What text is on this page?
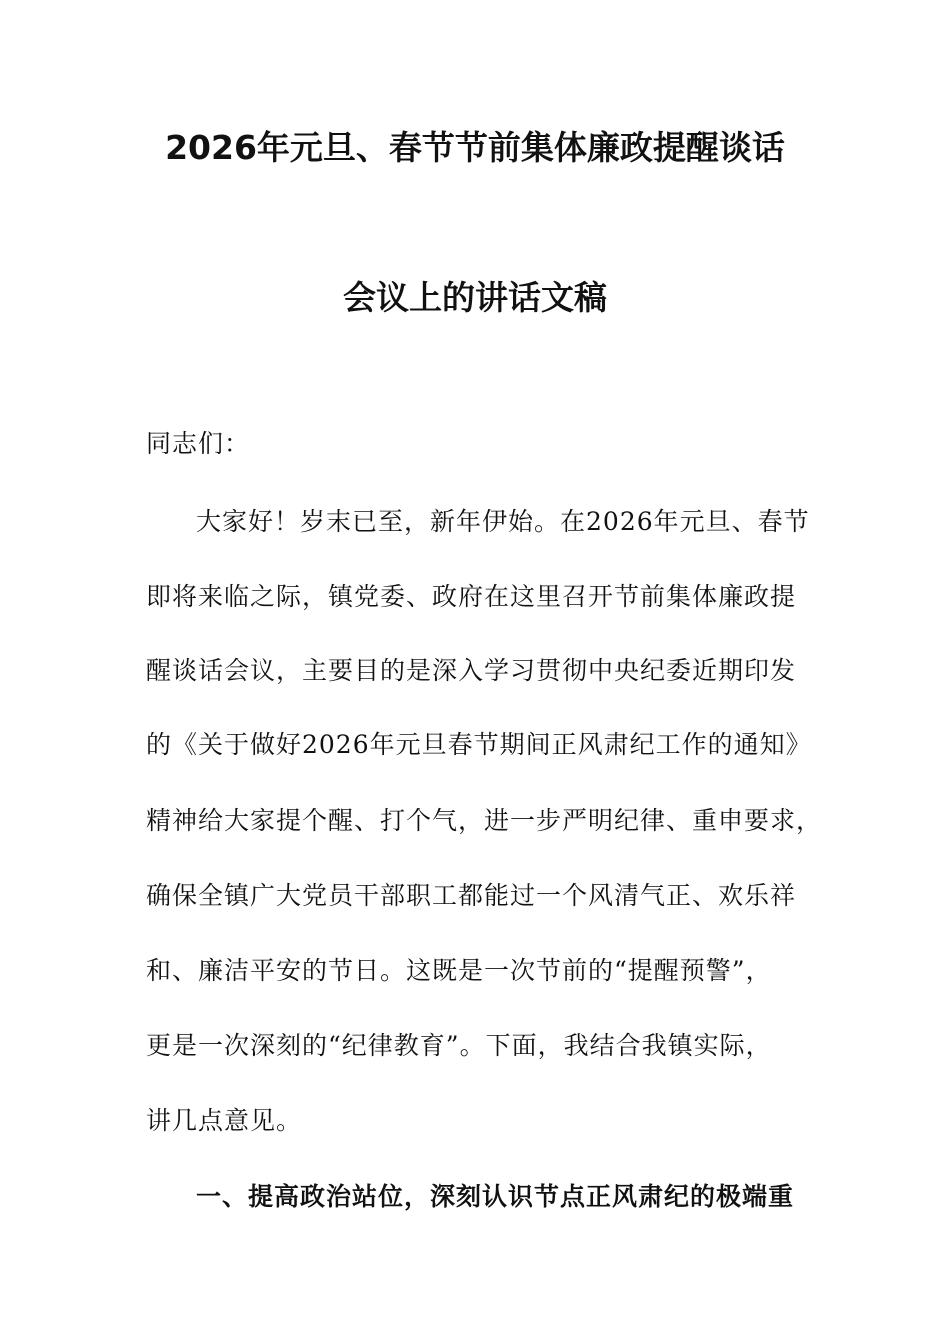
2026年元旦、春节节前集体廉政提醒谈话
会议上的讲话文稿
同志们：
大家好！岁末已至，新年伊始。在2026年元旦、春节
即将来临之际，镇党委、政府在这里召开节前集体廉政提
醒谈话会议，主要目的是深入学习贯彻中央纪委近期印发
的《关于做好2026年元旦春节期间正风肃纪工作的通知》
精神给大家提个醒、打个气，进一步严明纪律、重申要求，
确保全镇广大党员干部职工都能过一个风清气正、欢乐祥
和、廉洁平安的节日。这既是一次节前的“提醒预警”，
更是一次深刻的“纪律教育”。下面，我结合我镇实际，
讲几点意见。
一、提高政治站位，深刻认识节点正风肃纪的极端重
